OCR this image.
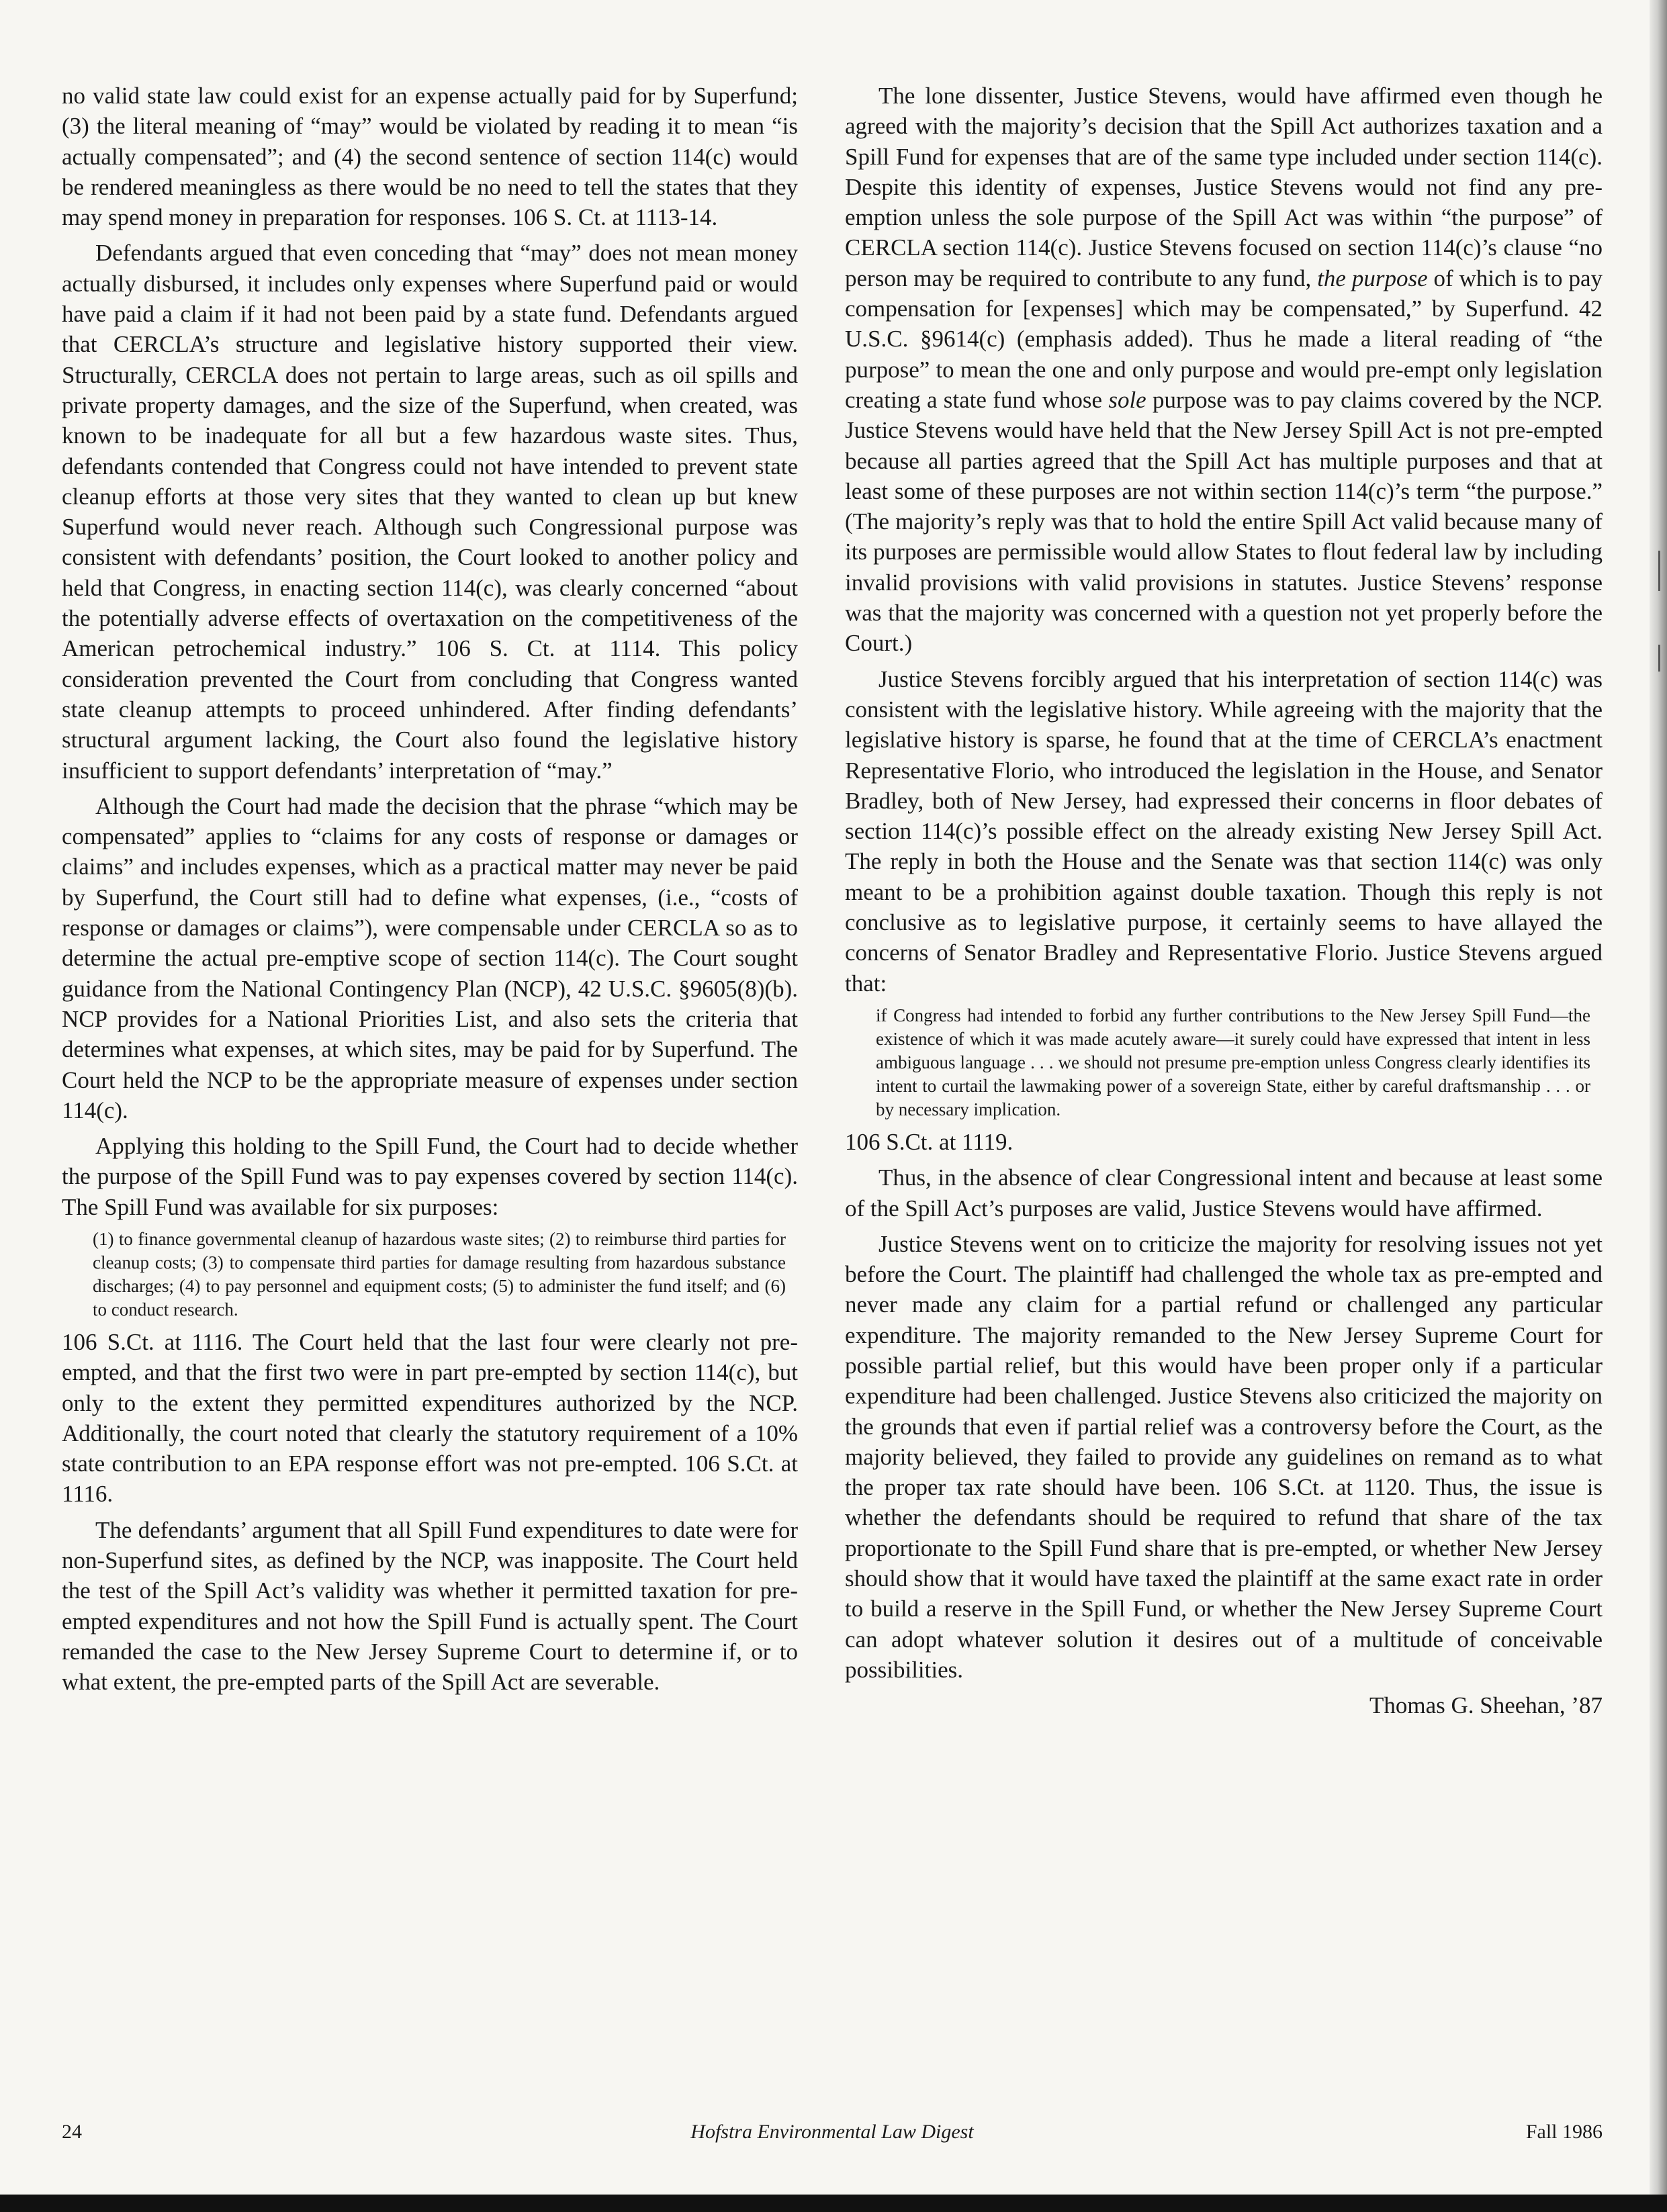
no valid state law could exist for an expense actually paid for by Superfund; (3) the literal meaning of “may” would be violated by reading it to mean “is actually compensated”; and (4) the second sentence of section 114(c) would be rendered meaningless as there would be no need to tell the states that they may spend money in preparation for responses. 106 S. Ct. at 1113-14.

Defendants argued that even conceding that “may” does not mean money actually disbursed, it includes only expenses where Superfund paid or would have paid a claim if it had not been paid by a state fund. Defendants argued that CERCLA’s structure and legislative history supported their view. Structurally, CERCLA does not pertain to large areas, such as oil spills and private property damages, and the size of the Superfund, when created, was known to be inadequate for all but a few hazardous waste sites. Thus, defendants contended that Congress could not have intended to prevent state cleanup efforts at those very sites that they wanted to clean up but knew Superfund would never reach. Although such Congressional purpose was consistent with defendants’ position, the Court looked to another policy and held that Congress, in enacting section 114(c), was clearly concerned “about the potentially adverse effects of overtaxation on the competitiveness of the American petrochemical industry.” 106 S. Ct. at 1114. This policy consideration prevented the Court from concluding that Congress wanted state cleanup attempts to proceed unhindered. After finding defendants’ structural argument lacking, the Court also found the legislative history insufficient to support defendants’ interpretation of “may.”

Although the Court had made the decision that the phrase “which may be compensated” applies to “claims for any costs of response or damages or claims” and includes expenses, which as a practical matter may never be paid by Superfund, the Court still had to define what expenses, (i.e., “costs of response or damages or claims”), were compensable under CERCLA so as to determine the actual pre-emptive scope of section 114(c). The Court sought guidance from the National Contingency Plan (NCP), 42 U.S.C. §9605(8)(b). NCP provides for a National Priorities List, and also sets the criteria that determines what expenses, at which sites, may be paid for by Superfund. The Court held the NCP to be the appropriate measure of expenses under section 114(c).

Applying this holding to the Spill Fund, the Court had to decide whether the purpose of the Spill Fund was to pay expenses covered by section 114(c). The Spill Fund was available for six purposes:

(1) to finance governmental cleanup of hazardous waste sites; (2) to reimburse third parties for cleanup costs; (3) to compensate third parties for damage resulting from hazardous substance discharges; (4) to pay personnel and equipment costs; (5) to administer the fund itself; and (6) to conduct research.

106 S.Ct. at 1116. The Court held that the last four were clearly not pre-empted, and that the first two were in part pre-empted by section 114(c), but only to the extent they permitted expenditures authorized by the NCP. Additionally, the court noted that clearly the statutory requirement of a 10% state contribution to an EPA response effort was not pre-empted. 106 S.Ct. at 1116.

The defendants’ argument that all Spill Fund expenditures to date were for non-Superfund sites, as defined by the NCP, was inapposite. The Court held the test of the Spill Act’s validity was whether it permitted taxation for pre-empted expenditures and not how the Spill Fund is actually spent. The Court remanded the case to the New Jersey Supreme Court to determine if, or to what extent, the pre-empted parts of the Spill Act are severable.

The lone dissenter, Justice Stevens, would have affirmed even though he agreed with the majority’s decision that the Spill Act authorizes taxation and a Spill Fund for expenses that are of the same type included under section 114(c). Despite this identity of expenses, Justice Stevens would not find any pre-emption unless the sole purpose of the Spill Act was within “the purpose” of CERCLA section 114(c). Justice Stevens focused on section 114(c)’s clause “no person may be required to contribute to any fund, the purpose of which is to pay compensation for [expenses] which may be compensated,” by Superfund. 42 U.S.C. §9614(c) (emphasis added). Thus he made a literal reading of “the purpose” to mean the one and only purpose and would pre-empt only legislation creating a state fund whose sole purpose was to pay claims covered by the NCP. Justice Stevens would have held that the New Jersey Spill Act is not pre-empted because all parties agreed that the Spill Act has multiple purposes and that at least some of these purposes are not within section 114(c)’s term “the purpose.” (The majority’s reply was that to hold the entire Spill Act valid because many of its purposes are permissible would allow States to flout federal law by including invalid provisions with valid provisions in statutes. Justice Stevens’ response was that the majority was concerned with a question not yet properly before the Court.)

Justice Stevens forcibly argued that his interpretation of section 114(c) was consistent with the legislative history. While agreeing with the majority that the legislative history is sparse, he found that at the time of CERCLA’s enactment Representative Florio, who introduced the legislation in the House, and Senator Bradley, both of New Jersey, had expressed their concerns in floor debates of section 114(c)’s possible effect on the already existing New Jersey Spill Act. The reply in both the House and the Senate was that section 114(c) was only meant to be a prohibition against double taxation. Though this reply is not conclusive as to legislative purpose, it certainly seems to have allayed the concerns of Senator Bradley and Representative Florio. Justice Stevens argued that:

if Congress had intended to forbid any further contributions to the New Jersey Spill Fund—the existence of which it was made acutely aware—it surely could have expressed that intent in less ambiguous language . . . we should not presume pre-emption unless Congress clearly identifies its intent to curtail the lawmaking power of a sovereign State, either by careful draftsmanship . . . or by necessary implication.

106 S.Ct. at 1119.

Thus, in the absence of clear Congressional intent and because at least some of the Spill Act’s purposes are valid, Justice Stevens would have affirmed.

Justice Stevens went on to criticize the majority for resolving issues not yet before the Court. The plaintiff had challenged the whole tax as pre-empted and never made any claim for a partial refund or challenged any particular expenditure. The majority remanded to the New Jersey Supreme Court for possible partial relief, but this would have been proper only if a particular expenditure had been challenged. Justice Stevens also criticized the majority on the grounds that even if partial relief was a controversy before the Court, as the majority believed, they failed to provide any guidelines on remand as to what the proper tax rate should have been. 106 S.Ct. at 1120. Thus, the issue is whether the defendants should be required to refund that share of the tax proportionate to the Spill Fund share that is pre-empted, or whether New Jersey should show that it would have taxed the plaintiff at the same exact rate in order to build a reserve in the Spill Fund, or whether the New Jersey Supreme Court can adopt whatever solution it desires out of a multitude of conceivable possibilities.

Thomas G. Sheehan, ’87

24	Hofstra Environmental Law Digest	Fall 1986
